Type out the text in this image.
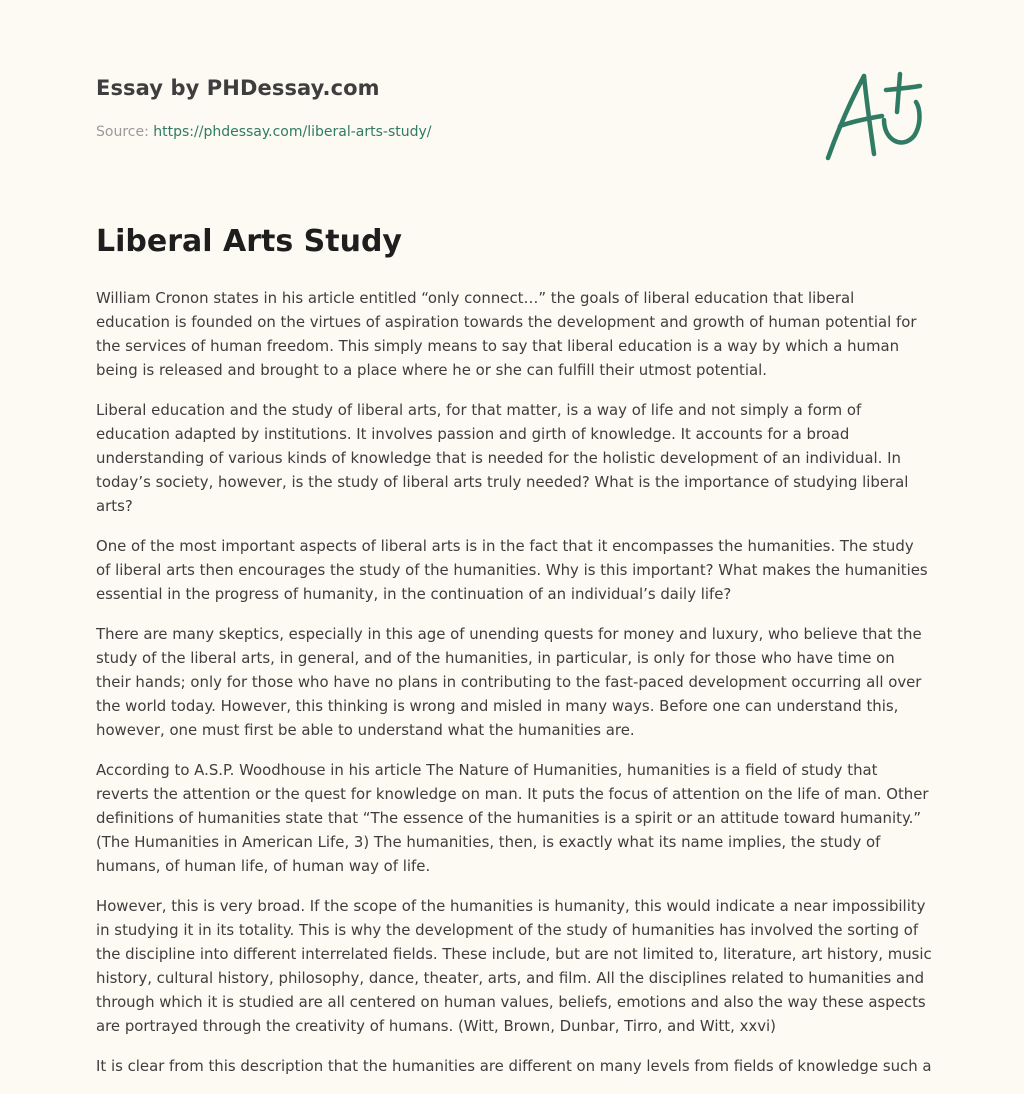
Essay by PHDessay.com
Source: https://phdessay.com/liberal-arts-study/
Liberal Arts Study

William Cronon states in his article entitled “only connect…” the goals of liberal education that liberal education is founded on the virtues of aspiration towards the development and growth of human potential for the services of human freedom. This simply means to say that liberal education is a way by which a human being is released and brought to a place where he or she can fulfill their utmost potential.

Liberal education and the study of liberal arts, for that matter, is a way of life and not simply a form of education adapted by institutions. It involves passion and girth of knowledge. It accounts for a broad understanding of various kinds of knowledge that is needed for the holistic development of an individual. In today’s society, however, is the study of liberal arts truly needed? What is the importance of studying liberal arts?

One of the most important aspects of liberal arts is in the fact that it encompasses the humanities. The study of liberal arts then encourages the study of the humanities. Why is this important? What makes the humanities essential in the progress of humanity, in the continuation of an individual’s daily life?

There are many skeptics, especially in this age of unending quests for money and luxury, who believe that the study of the liberal arts, in general, and of the humanities, in particular, is only for those who have time on their hands; only for those who have no plans in contributing to the fast-paced development occurring all over the world today. However, this thinking is wrong and misled in many ways. Before one can understand this, however, one must first be able to understand what the humanities are.

According to A.S.P. Woodhouse in his article The Nature of Humanities, humanities is a field of study that reverts the attention or the quest for knowledge on man. It puts the focus of attention on the life of man. Other definitions of humanities state that “The essence of the humanities is a spirit or an attitude toward humanity.” (The Humanities in American Life, 3) The humanities, then, is exactly what its name implies, the study of humans, of human life, of human way of life.

However, this is very broad. If the scope of the humanities is humanity, this would indicate a near impossibility in studying it in its totality. This is why the development of the study of humanities has involved the sorting of the discipline into different interrelated fields. These include, but are not limited to, literature, art history, music history, cultural history, philosophy, dance, theater, arts, and film. All the disciplines related to humanities and through which it is studied are all centered on human values, beliefs, emotions and also the way these aspects are portrayed through the creativity of humans. (Witt, Brown, Dunbar, Tirro, and Witt, xxvi)

It is clear from this description that the humanities are different on many levels from fields of knowledge such a
